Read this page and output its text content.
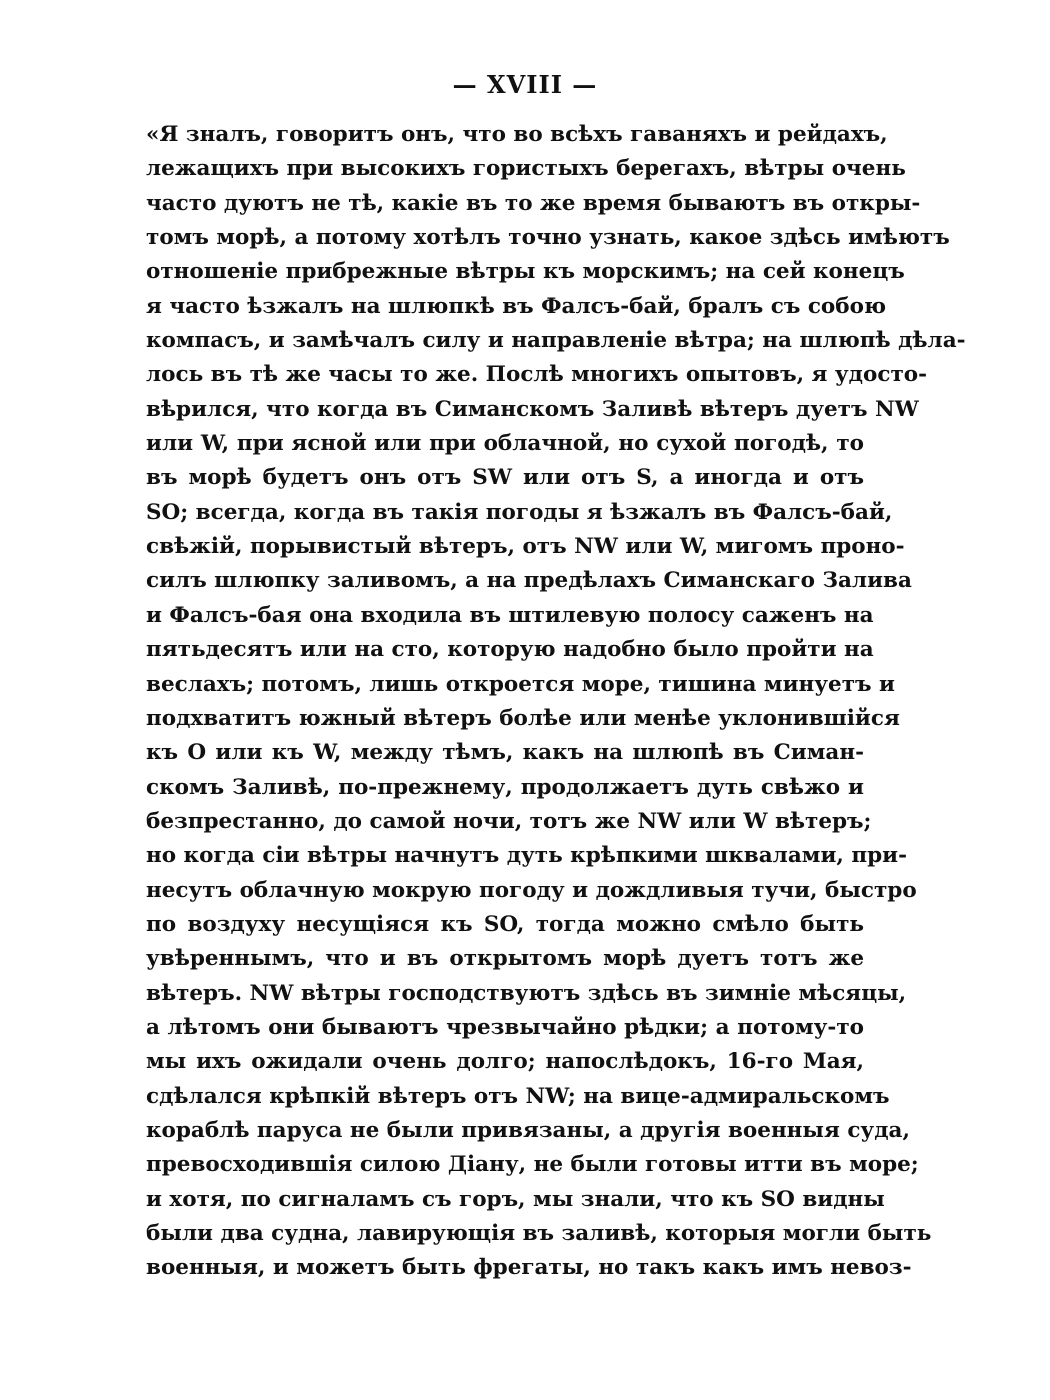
— XVIII —
«Я зналъ, говоритъ онъ, что во всѣхъ гаваняхъ и рейдахъ,
лежащихъ при высокихъ гористыхъ берегахъ, вѣтры очень
часто дуютъ не тѣ, какіе въ то же время бываютъ въ откры-
томъ морѣ, а потому хотѣлъ точно узнать, какое здѣсь имѣютъ
отношеніе прибрежные вѣтры къ морскимъ; на сей конецъ
я часто ѣзжалъ на шлюпкѣ въ Фалсъ-бай, бралъ съ собою
компасъ, и замѣчалъ силу и направленіе вѣтра; на шлюпѣ дѣла-
лось въ тѣ же часы то же. Послѣ многихъ опытовъ, я удосто-
вѣрился, что когда въ Симанскомъ Заливѣ вѣтеръ дуетъ NW
или W, при ясной или при облачной, но сухой погодѣ, то
въ морѣ будетъ онъ отъ SW или отъ S, а иногда и отъ
SO; всегда, когда въ такія погоды я ѣзжалъ въ Фалсъ-бай,
свѣжій, порывистый вѣтеръ, отъ NW или W, мигомъ проно-
силъ шлюпку заливомъ, а на предѣлахъ Симанскаго Залива
и Фалсъ-бая она входила въ штилевую полосу саженъ на
пятьдесятъ или на сто, которую надобно было пройти на
веслахъ; потомъ, лишь откроется море, тишина минуетъ и
подхватитъ южный вѣтеръ болѣе или менѣе уклонившійся
къ O или къ W, между тѣмъ, какъ на шлюпѣ въ Симан-
скомъ Заливѣ, по-прежнему, продолжаетъ дуть свѣжо и
безпрестанно, до самой ночи, тотъ же NW или W вѣтеръ;
но когда сіи вѣтры начнутъ дуть крѣпкими шквалами, при-
несутъ облачную мокрую погоду и дождливыя тучи, быстро
по воздуху несущіяся къ SO, тогда можно смѣло быть
увѣреннымъ, что и въ открытомъ морѣ дуетъ тотъ же
вѣтеръ. NW вѣтры господствуютъ здѣсь въ зимніе мѣсяцы,
а лѣтомъ они бываютъ чрезвычайно рѣдки; а потому-то
мы ихъ ожидали очень долго; напослѣдокъ, 16-го Мая,
сдѣлался крѣпкій вѣтеръ отъ NW; на вице-адмиральскомъ
кораблѣ паруса не были привязаны, а другія военныя суда,
превосходившія силою Діану, не были готовы итти въ море;
и хотя, по сигналамъ съ горъ, мы знали, что къ SO видны
были два судна, лавирующія въ заливѣ, которыя могли быть
военныя, и можетъ быть фрегаты, но такъ какъ имъ невоз-
